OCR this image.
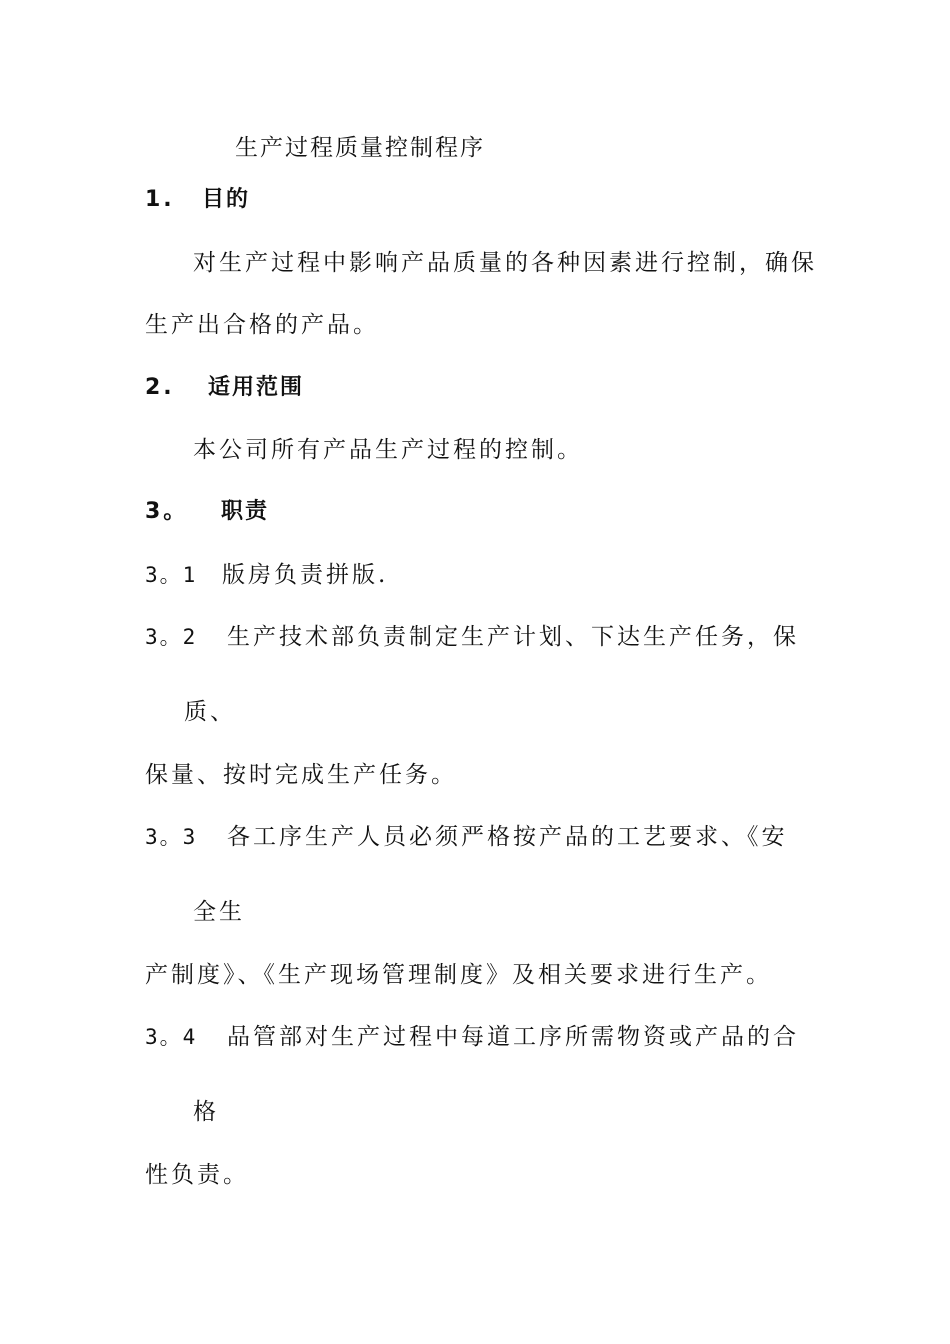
生产过程质量控制程序
1. 目的
对生产过程中影响产品质量的各种因素进行控制，确保
生产出合格的产品。
2. 适用范围
本公司所有产品生产过程的控制。
3。 职责
3。1 版房负责拼版.
3。2 生产技术部负责制定生产计划、下达生产任务，保
质、
保量、按时完成生产任务。
3。3 各工序生产人员必须严格按产品的工艺要求、《安
全生
产制度》、《生产现场管理制度》及相关要求进行生产。
3。4 品管部对生产过程中每道工序所需物资或产品的合
格
性负责。
